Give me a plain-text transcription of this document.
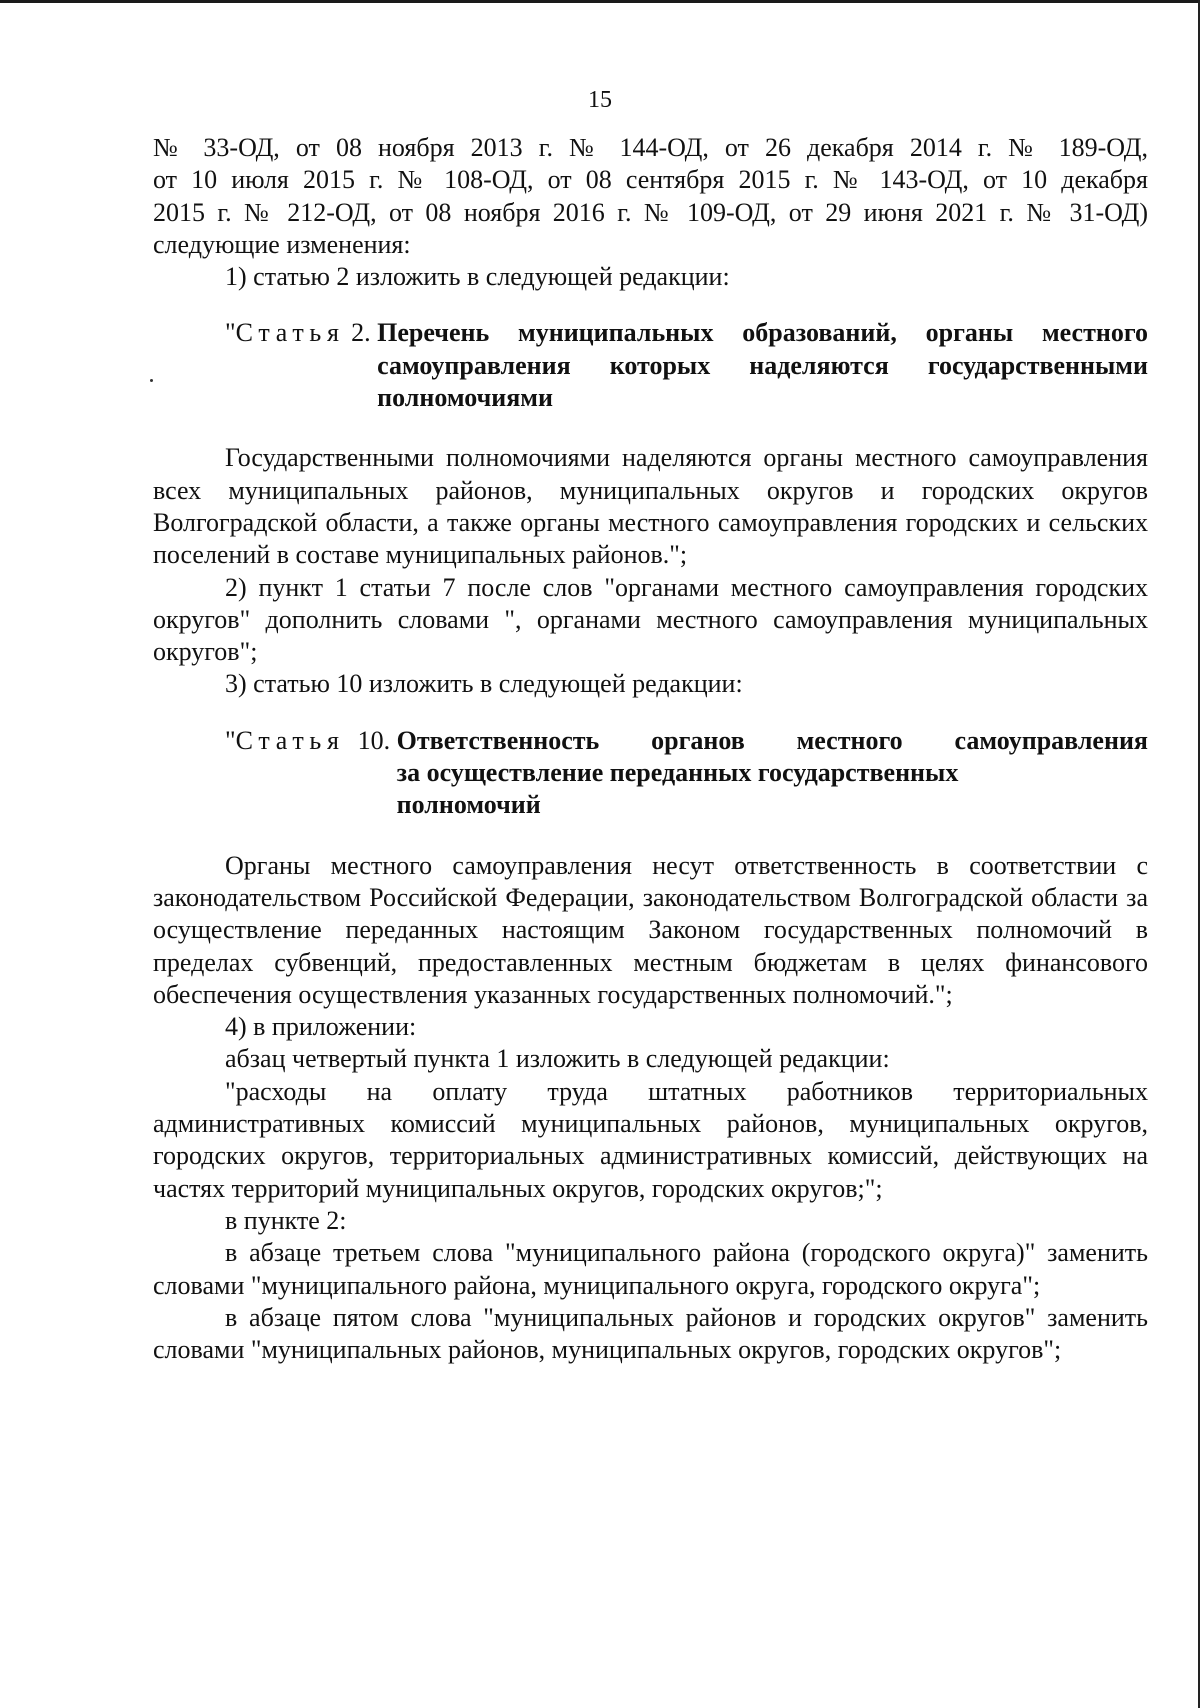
15

№ 33-ОД, от 08 ноября 2013 г. № 144-ОД, от 26 декабря 2014 г. № 189-ОД,

от 10 июля 2015 г. № 108-ОД, от 08 сентября 2015 г. № 143-ОД, от 10 декабря

2015 г. № 212-ОД, от 08 ноября 2016 г. № 109-ОД, от 29 июня 2021 г. № 31-ОД)

следующие изменения:

1) статью 2 изложить в следующей редакции:

"Статья 2. Перечень муниципальных образований, органы местного
самоуправления которых наделяются государственными
полномочиями

Государственными полномочиями наделяются органы местного самоуправления всех муниципальных районов, муниципальных округов и городских округов Волгоградской области, а также органы местного самоуправления городских и сельских поселений в составе муниципальных районов.";

2) пункт 1 статьи 7 после слов "органами местного самоуправления городских округов" дополнить словами ", органами местного самоуправления муниципальных округов";

3) статью 10 изложить в следующей редакции:

"Статья  10. Ответственность органов местного самоуправления
за осуществление переданных государственных
полномочий

Органы местного самоуправления несут ответственность в соответствии с законодательством Российской Федерации, законодательством Волгоградской области за осуществление переданных настоящим Законом государственных полномочий в пределах субвенций, предоставленных местным бюджетам в целях финансового обеспечения осуществления указанных государственных полномочий.";

4) в приложении:

абзац четвертый пункта 1 изложить в следующей редакции:

"расходы на оплату труда штатных работников территориальных административных комиссий муниципальных районов, муниципальных округов, городских округов, территориальных административных комиссий, действующих на частях территорий муниципальных округов, городских округов;";

в пункте 2:

в абзаце третьем слова "муниципального района (городского округа)" заменить словами "муниципального района, муниципального округа, городского округа";

в абзаце пятом слова "муниципальных районов и городских округов" заменить словами "муниципальных районов, муниципальных округов, городских округов";
